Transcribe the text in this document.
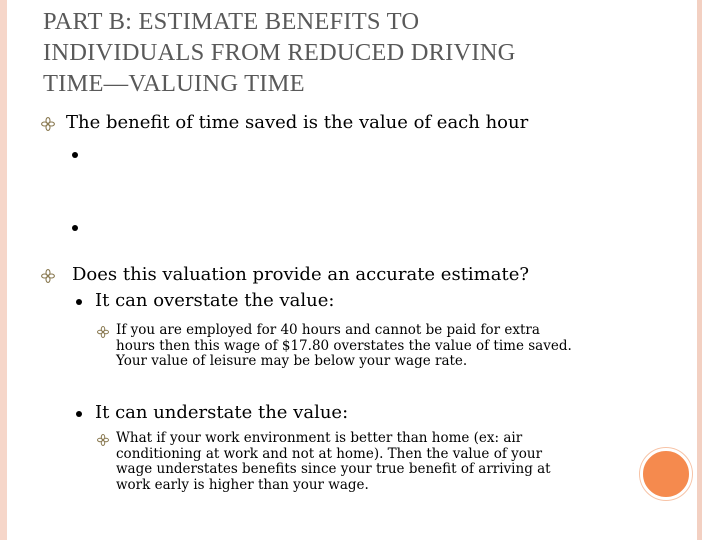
PART B: ESTIMATE BENEFITS TO
INDIVIDUALS FROM REDUCED DRIVING
TIME—VALUING TIME
The benefit of time saved is the value of each hour
Does this valuation provide an accurate estimate?
It can overstate the value:
If you are employed for 40 hours and cannot be paid for extra
hours then this wage of $17.80 overstates the value of time saved.
Your value of leisure may be below your wage rate.
It can understate the value:
What if your work environment is better than home (ex: air
conditioning at work and not at home). Then the value of your
wage understates benefits since your true benefit of arriving at
work early is higher than your wage.
